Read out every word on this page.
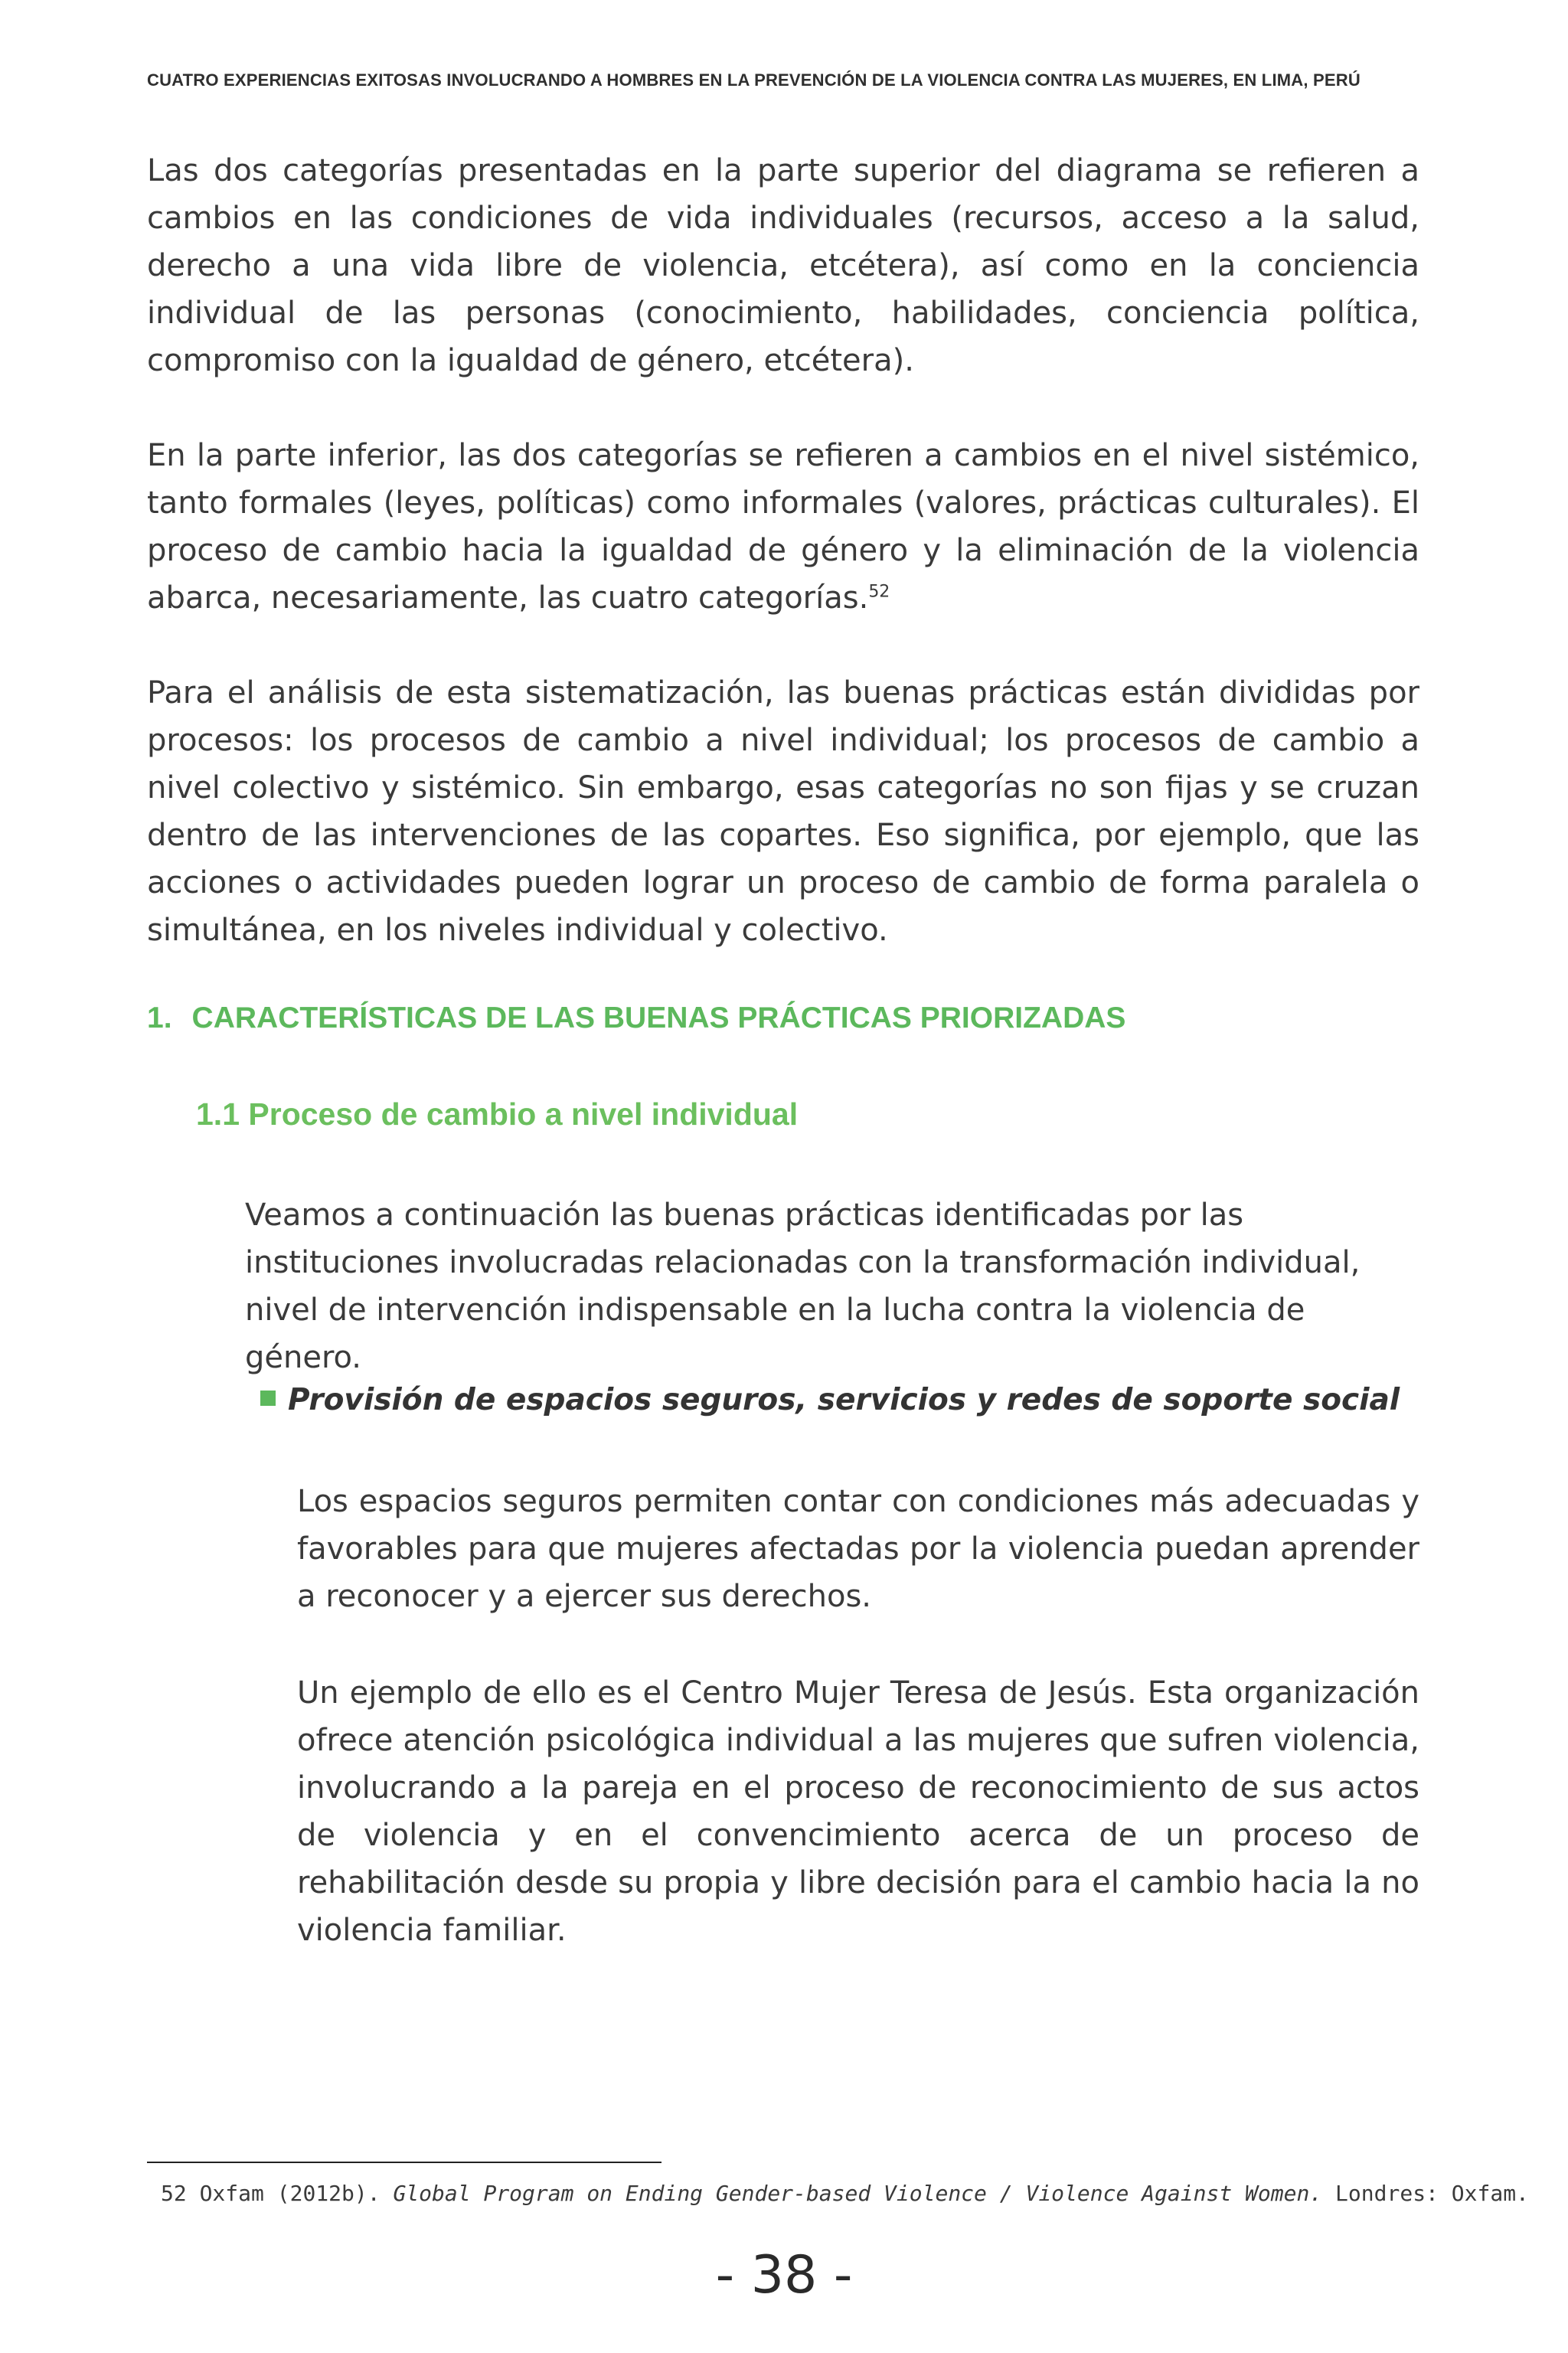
CUATRO EXPERIENCIAS EXITOSAS INVOLUCRANDO A HOMBRES EN LA PREVENCIÓN DE LA VIOLENCIA CONTRA LAS MUJERES, EN LIMA, PERÚ

Las dos categorías presentadas en la parte superior del diagrama se refieren a cambios en las condiciones de vida individuales (recursos, acceso a la salud, derecho a una vida libre de violencia, etcétera), así como en la conciencia individual de las personas (conocimiento, habilidades, conciencia política, compromiso con la igualdad de género, etcétera).

En la parte inferior, las dos categorías se refieren a cambios en el nivel sistémico, tanto formales (leyes, políticas) como informales (valores, prácticas culturales). El proceso de cambio hacia la igualdad de género y la eliminación de la violencia abarca, necesariamente, las cuatro categorías.$^{52}$

Para el análisis de esta sistematización, las buenas prácticas están divididas por procesos: los procesos de cambio a nivel individual; los procesos de cambio a nivel colectivo y sistémico. Sin embargo, esas categorías no son fijas y se cruzan dentro de las intervenciones de las copartes. Eso significa, por ejemplo, que las acciones o actividades pueden lograr un proceso de cambio de forma paralela o simultánea, en los niveles individual y colectivo.

1. CARACTERÍSTICAS DE LAS BUENAS PRÁCTICAS PRIORIZADAS
1.1 Proceso de cambio a nivel individual

Veamos a continuación las buenas prácticas identificadas por las instituciones involucradas relacionadas con la transformación individual, nivel de intervención indispensable en la lucha contra la violencia de género.

Provisión de espacios seguros, servicios y redes de soporte social

Los espacios seguros permiten contar con condiciones más adecuadas y favorables para que mujeres afectadas por la violencia puedan aprender a reconocer y a ejercer sus derechos.

Un ejemplo de ello es el Centro Mujer Teresa de Jesús. Esta organización ofrece atención psicológica individual a las mujeres que sufren violencia, involucrando a la pareja en el proceso de reconocimiento de sus actos de violencia y en el convencimiento acerca de un proceso de rehabilitación desde su propia y libre decisión para el cambio hacia la no violencia familiar.

52 Oxfam (2012b). Global Program on Ending Gender-based Violence / Violence Against Women. Londres: Oxfam.

- 38 -
